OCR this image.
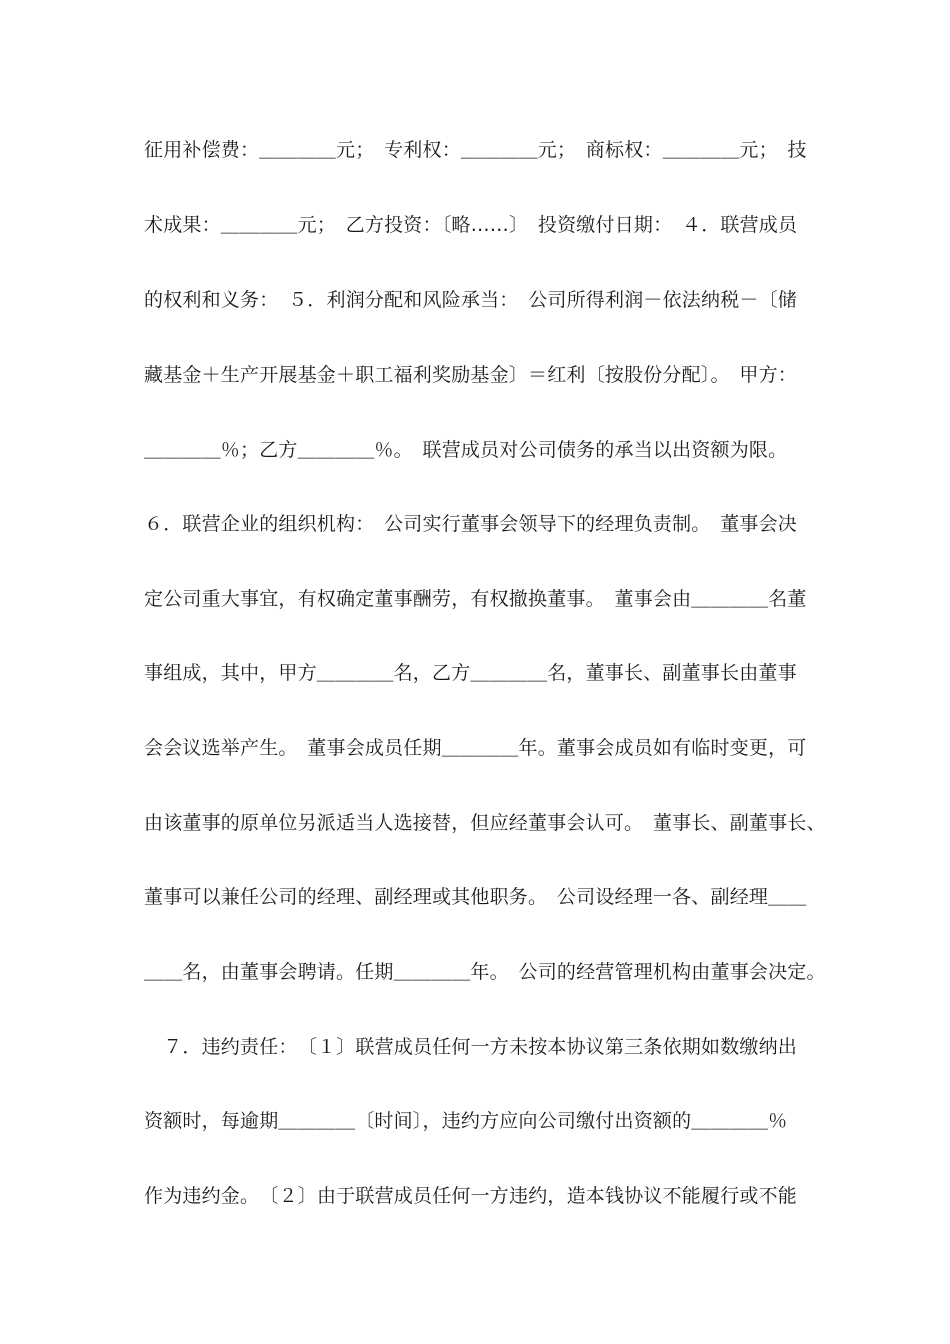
征用补偿费：＿＿＿＿元；　专利权：＿＿＿＿元；　商标权：＿＿＿＿元；　技
术成果：＿＿＿＿元；　乙方投资：〔略……〕　投资缴付日期：　４．联营成员
的权利和义务：　５．利润分配和风险承当：　公司所得利润－依法纳税－〔储
藏基金＋生产开展基金＋职工福利奖励基金〕＝红利〔按股份分配〕。　甲方：
＿＿＿＿％；乙方＿＿＿＿％。　联营成员对公司债务的承当以出资额为限。
６．联营企业的组织机构：　公司实行董事会领导下的经理负责制。　董事会决
定公司重大事宜，有权确定董事酬劳，有权撤换董事。　董事会由＿＿＿＿名董
事组成，其中，甲方＿＿＿＿名，乙方＿＿＿＿名，董事长、副董事长由董事
会会议选举产生。　董事会成员任期＿＿＿＿年。董事会成员如有临时变更，可
由该董事的原单位另派适当人选接替，但应经董事会认可。　董事长、副董事长、
董事可以兼任公司的经理、副经理或其他职务。　公司设经理一各、副经理＿＿
＿＿名，由董事会聘请。任期＿＿＿＿年。　公司的经营管理机构由董事会决定。
　７．违约责任：　〔１〕联营成员任何一方未按本协议第三条依期如数缴纳出
资额时，每逾期＿＿＿＿〔时间〕，违约方应向公司缴付出资额的＿＿＿＿％
作为违约金。　〔２〕由于联营成员任何一方违约，造本钱协议不能履行或不能
